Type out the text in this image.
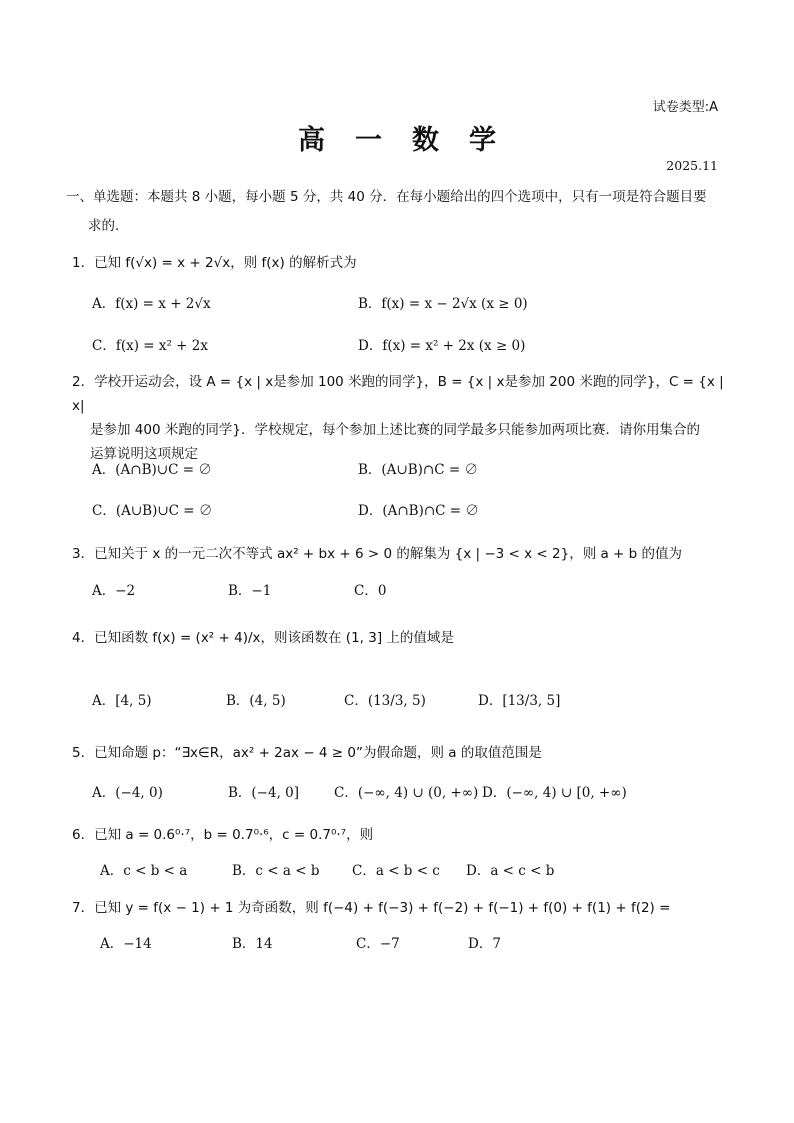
试卷类型:A
高一数学
2025.11
一、单选题：本题共 8 小题，每小题 5 分，共 40 分．在每小题给出的四个选项中，只有一项是符合题目要
求的．
1．已知 f(√x) = x + 2√x，则 f(x) 的解析式为
A．f(x) = x + 2√x	B．f(x) = x − 2√x (x ≥ 0)
C．f(x) = x² + 2x	D．f(x) = x² + 2x (x ≥ 0)
2．学校开运动会，设 A = {x | x是参加 100 米跑的同学}，B = {x | x是参加 200 米跑的同学}，C = {x | x|
是参加 400 米跑的同学}．学校规定，每个参加上述比赛的同学最多只能参加两项比赛．请你用集合的
运算说明这项规定
A．(A∩B)∪C = ∅	B．(A∪B)∩C = ∅
C．(A∪B)∪C = ∅	D．(A∩B)∩C = ∅
3．已知关于 x 的一元二次不等式 ax² + bx + 6 > 0 的解集为 {x | −3 < x < 2}，则 a + b 的值为
A．−2	B．−1	C．0
4．已知函数 f(x) = (x² + 4)/x，则该函数在 (1, 3] 上的值域是
A．[4, 5)	B．(4, 5)	C．(13/3, 5)	D．[13/3, 5]
5．已知命题 p：“∃x∈R，ax² + 2ax − 4 ≥ 0”为假命题，则 a 的取值范围是
A．(−4, 0)	B．(−4, 0]	C．(−∞, 4) ∪ (0, +∞) D．(−∞, 4) ∪ [0, +∞)
6．已知 a = 0.6⁰·⁷，b = 0.7⁰·⁶，c = 0.7⁰·⁷，则
A．c < b < a	B．c < a < b C．a < b < c D．a < c < b
7．已知 y = f(x − 1) + 1 为奇函数，则 f(−4) + f(−3) + f(−2) + f(−1) + f(0) + f(1) + f(2) =
A．−14	B．14	C．−7	D．7
